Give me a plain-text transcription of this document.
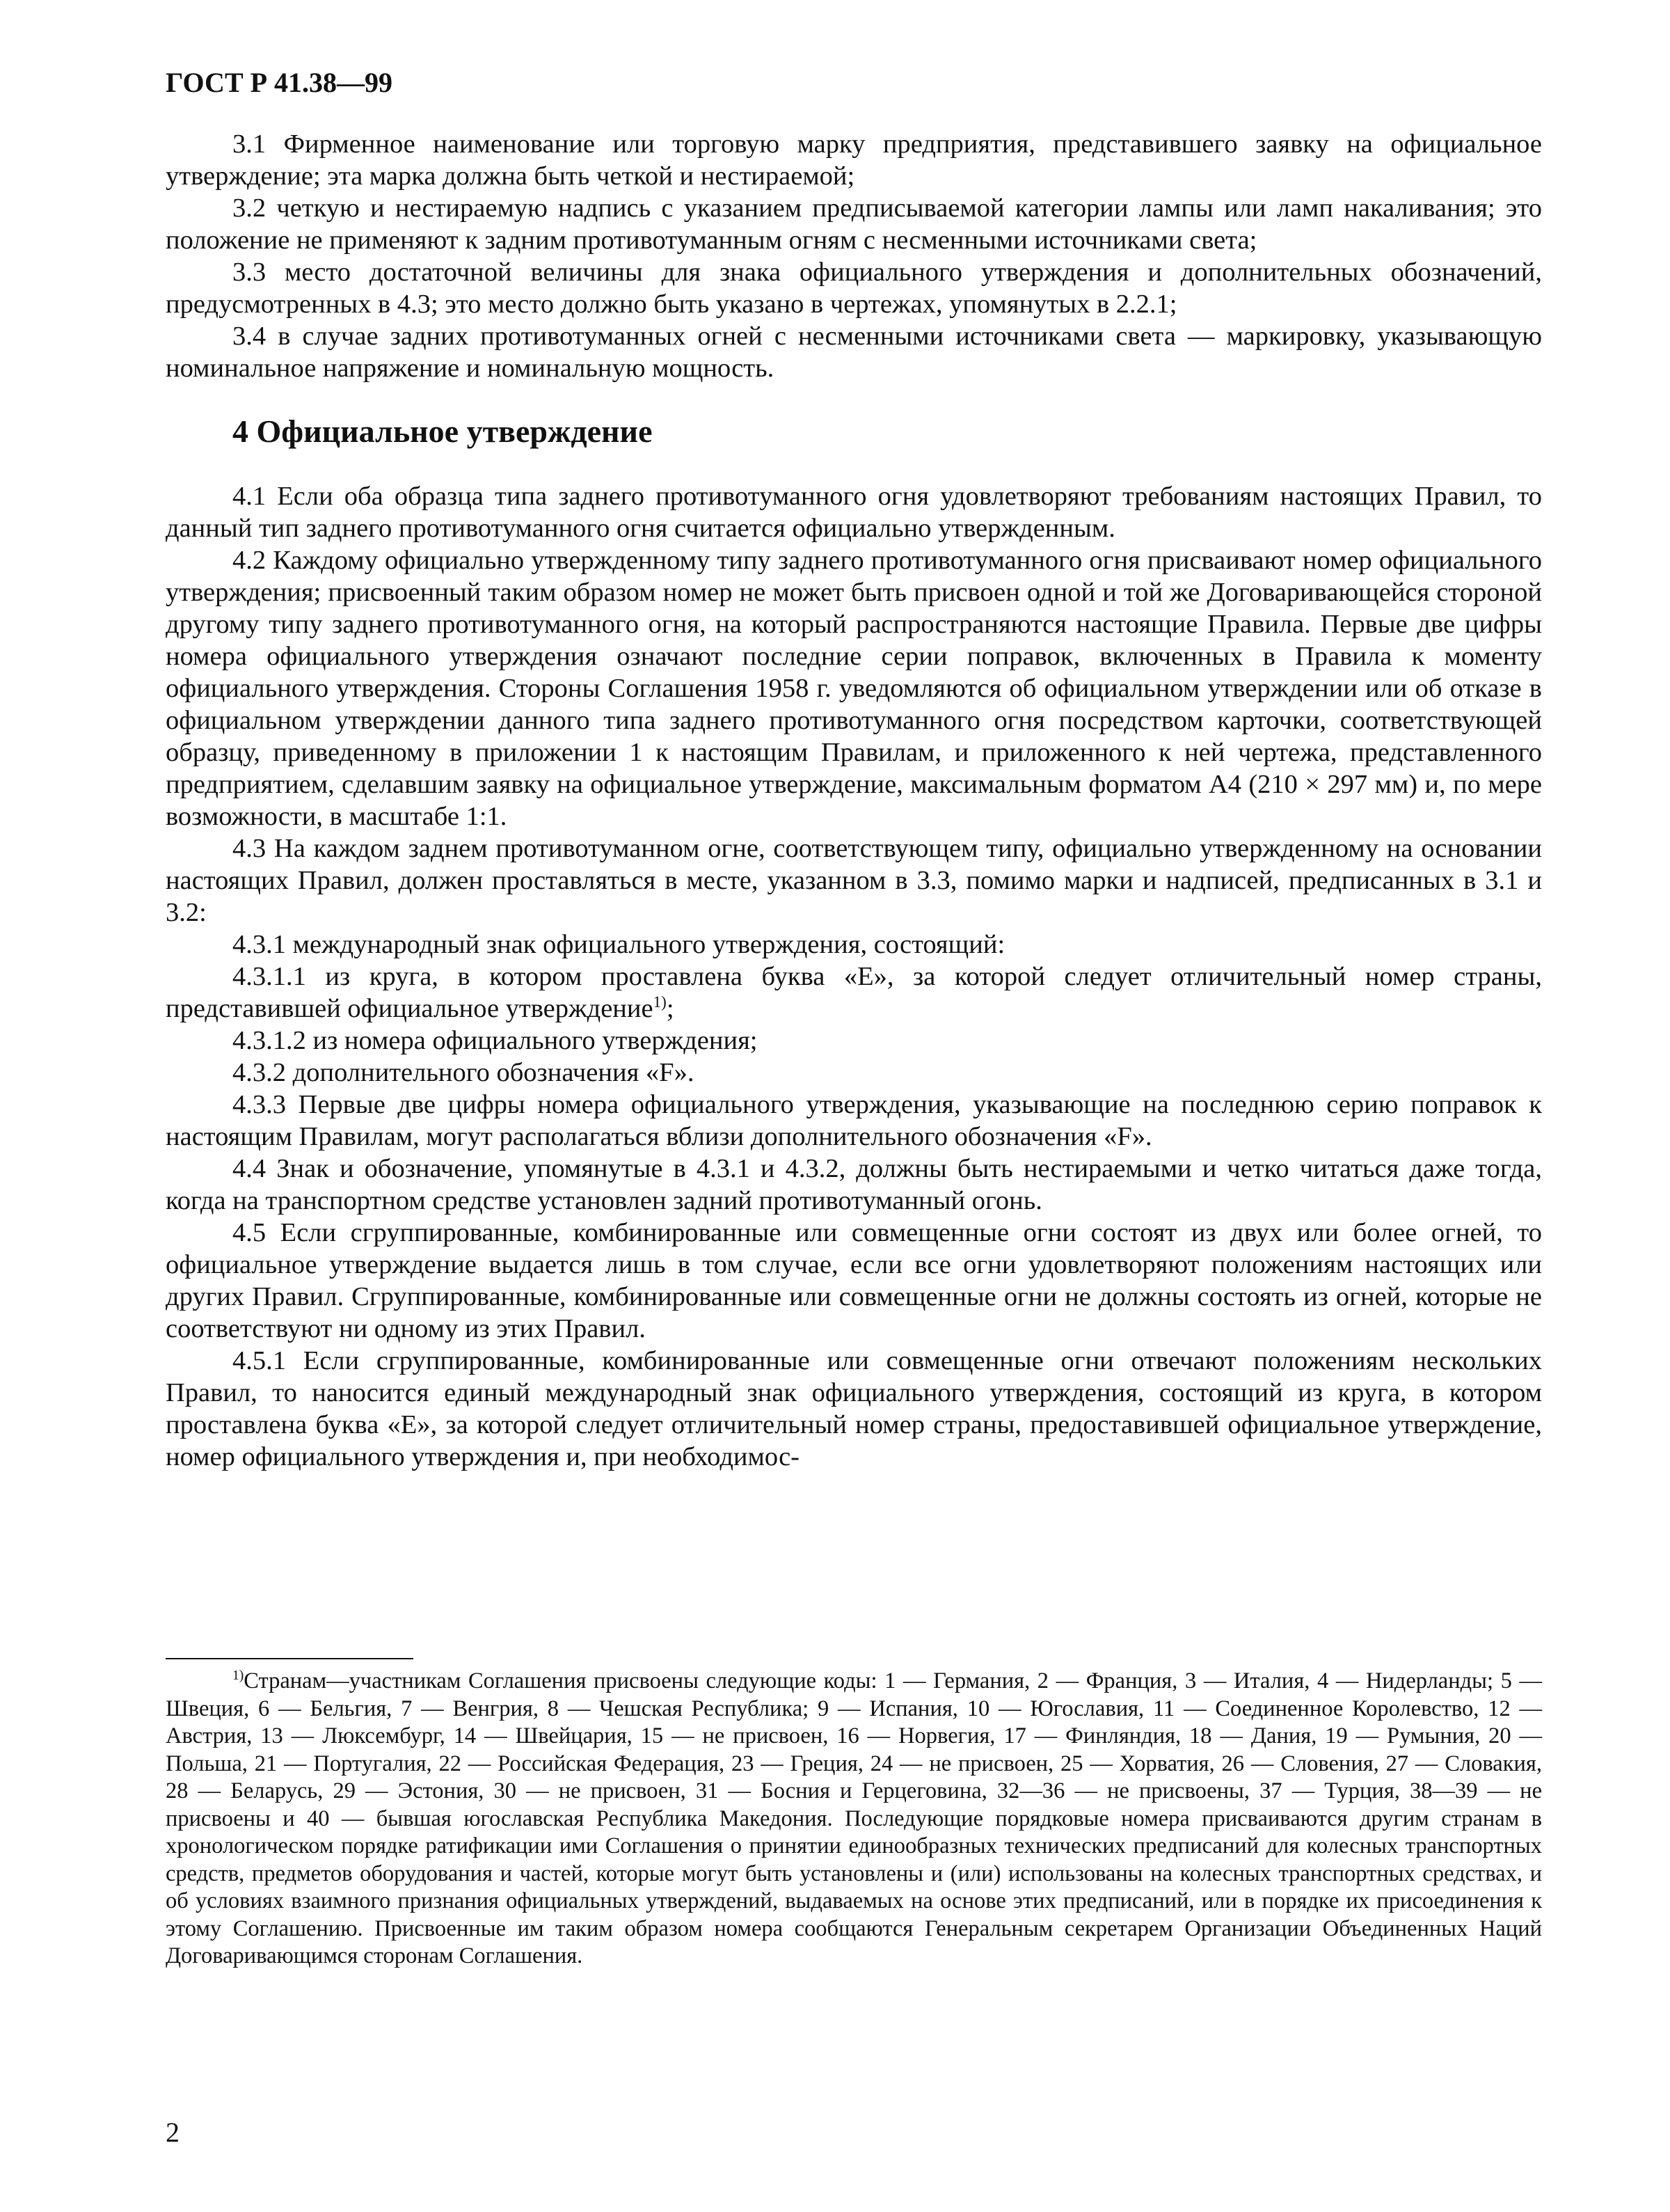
ГОСТ Р 41.38—99

3.1 Фирменное наименование или торговую марку предприятия, представившего заявку на официальное утверждение; эта марка должна быть четкой и нестираемой;

3.2 четкую и нестираемую надпись с указанием предписываемой категории лампы или ламп накаливания; это положение не применяют к задним противотуманным огням с несменными источниками света;

3.3 место достаточной величины для знака официального утверждения и дополнительных обозначений, предусмотренных в 4.3; это место должно быть указано в чертежах, упомянутых в 2.2.1;

3.4 в случае задних противотуманных огней с несменными источниками света — маркировку, указывающую номинальное напряжение и номинальную мощность.

4 Официальное утверждение

4.1 Если оба образца типа заднего противотуманного огня удовлетворяют требованиям настоящих Правил, то данный тип заднего противотуманного огня считается официально утвержденным.

4.2 Каждому официально утвержденному типу заднего противотуманного огня присваивают номер официального утверждения; присвоенный таким образом номер не может быть присвоен одной и той же Договаривающейся стороной другому типу заднего противотуманного огня, на который распространяются настоящие Правила. Первые две цифры номера официального утверждения означают последние серии поправок, включенных в Правила к моменту официального утверждения. Стороны Соглашения 1958 г. уведомляются об официальном утверждении или об отказе в официальном утверждении данного типа заднего противотуманного огня посредством карточки, соответствующей образцу, приведенному в приложении 1 к настоящим Правилам, и приложенного к ней чертежа, представленного предприятием, сделавшим заявку на официальное утверждение, максимальным форматом А4 (210 × 297 мм) и, по мере возможности, в масштабе 1:1.

4.3 На каждом заднем противотуманном огне, соответствующем типу, официально утвержденному на основании настоящих Правил, должен проставляться в месте, указанном в 3.3, помимо марки и надписей, предписанных в 3.1 и 3.2:

4.3.1 международный знак официального утверждения, состоящий:

4.3.1.1 из круга, в котором проставлена буква «Е», за которой следует отличительный номер страны, представившей официальное утверждение$^{1)}$;

4.3.1.2 из номера официального утверждения;

4.3.2 дополнительного обозначения «F».

4.3.3 Первые две цифры номера официального утверждения, указывающие на последнюю серию поправок к настоящим Правилам, могут располагаться вблизи дополнительного обозначения «F».

4.4 Знак и обозначение, упомянутые в 4.3.1 и 4.3.2, должны быть нестираемыми и четко читаться даже тогда, когда на транспортном средстве установлен задний противотуманный огонь.

4.5 Если сгруппированные, комбинированные или совмещенные огни состоят из двух или более огней, то официальное утверждение выдается лишь в том случае, если все огни удовлетворяют положениям настоящих или других Правил. Сгруппированные, комбинированные или совмещенные огни не должны состоять из огней, которые не соответствуют ни одному из этих Правил.

4.5.1 Если сгруппированные, комбинированные или совмещенные огни отвечают положениям нескольких Правил, то наносится единый международный знак официального утверждения, состоящий из круга, в котором проставлена буква «Е», за которой следует отличительный номер страны, предоставившей официальное утверждение, номер официального утверждения и, при необходимос-

$^{1)}$Странам—участникам Соглашения присвоены следующие коды: 1 — Германия, 2 — Франция, 3 — Италия, 4 — Нидерланды; 5 — Швеция, 6 — Бельгия, 7 — Венгрия, 8 — Чешская Республика; 9 — Испания, 10 — Югославия, 11 — Соединенное Королевство, 12 — Австрия, 13 — Люксембург, 14 — Швейцария, 15 — не присвоен, 16 — Норвегия, 17 — Финляндия, 18 — Дания, 19 — Румыния, 20 — Польша, 21 — Португалия, 22 — Российская Федерация, 23 — Греция, 24 — не присвоен, 25 — Хорватия, 26 — Словения, 27 — Словакия, 28 — Беларусь, 29 — Эстония, 30 — не присвоен, 31 — Босния и Герцеговина, 32—36 — не присвоены, 37 — Турция, 38—39 — не присвоены и 40 — бывшая югославская Республика Македония. Последующие порядковые номера присваиваются другим странам в хронологическом порядке ратификации ими Соглашения о принятии единообразных технических предписаний для колесных транспортных средств, предметов оборудования и частей, которые могут быть установлены и (или) использованы на колесных транспортных средствах, и об условиях взаимного признания официальных утверждений, выдаваемых на основе этих предписаний, или в порядке их присоединения к этому Соглашению. Присвоенные им таким образом номера сообщаются Генеральным секретарем Организации Объединенных Наций Договаривающимся сторонам Соглашения.
2
